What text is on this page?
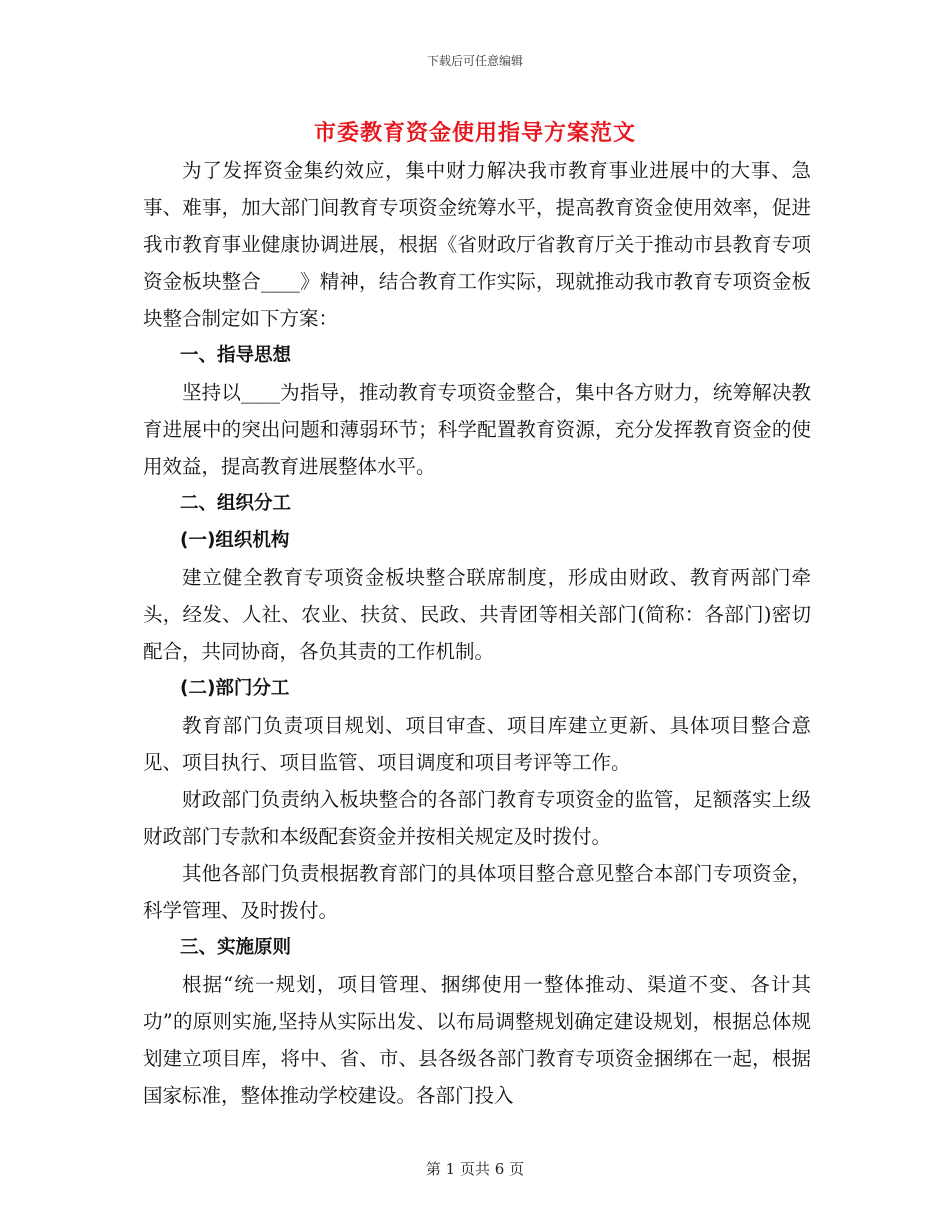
下载后可任意编辑
市委教育资金使用指导方案范文

为了发挥资金集约效应，集中财力解决我市教育事业进展中的大事、急事、难事，加大部门间教育专项资金统筹水平，提高教育资金使用效率，促进我市教育事业健康协调进展，根据《省财政厅省教育厅关于推动市县教育专项资金板块整合____》精神，结合教育工作实际，现就推动我市教育专项资金板块整合制定如下方案：

一、指导思想

坚持以____为指导，推动教育专项资金整合，集中各方财力，统筹解决教育进展中的突出问题和薄弱环节；科学配置教育资源，充分发挥教育资金的使用效益，提高教育进展整体水平。

二、组织分工

(一)组织机构

建立健全教育专项资金板块整合联席制度，形成由财政、教育两部门牵头，经发、人社、农业、扶贫、民政、共青团等相关部门(简称：各部门)密切配合，共同协商，各负其责的工作机制。

(二)部门分工

教育部门负责项目规划、项目审查、项目库建立更新、具体项目整合意见、项目执行、项目监管、项目调度和项目考评等工作。

财政部门负责纳入板块整合的各部门教育专项资金的监管，足额落实上级财政部门专款和本级配套资金并按相关规定及时拨付。

其他各部门负责根据教育部门的具体项目整合意见整合本部门专项资金，科学管理、及时拨付。

三、实施原则

根据“统一规划，项目管理、捆绑使用一整体推动、渠道不变、各计其功”的原则实施,坚持从实际出发、以布局调整规划确定建设规划，根据总体规划建立项目库，将中、省、市、县各级各部门教育专项资金捆绑在一起，根据国家标准，整体推动学校建设。各部门投入

第 1 页共 6 页
